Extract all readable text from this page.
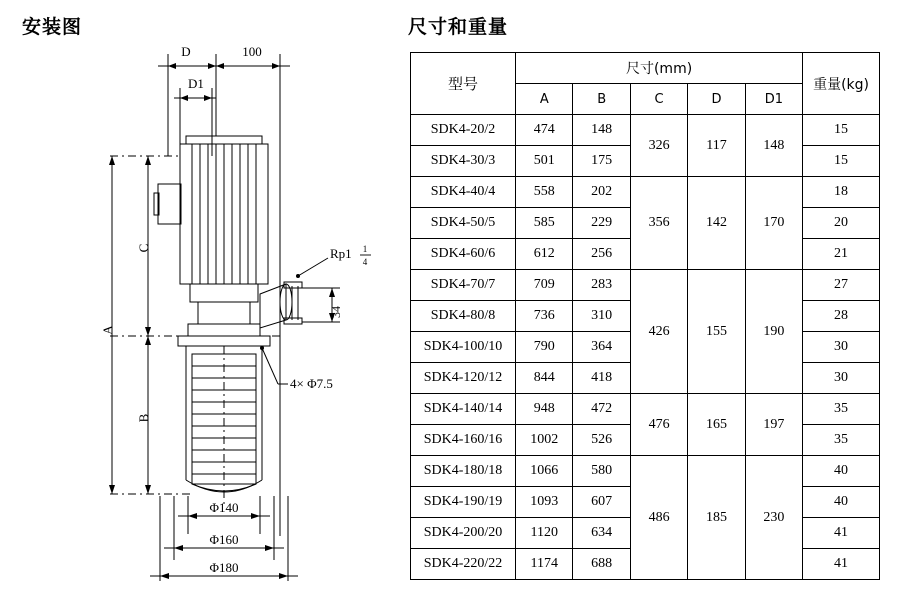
安装图
D	100
D1
A
B
C
34
Rp1 1
4
4× Φ7.5
Φ140
Φ160
Φ180
尺寸和重量
型号	尺寸(mm)					重量(kg)
	A	B	C	D	D1	
SDK4-20/2	474	148	326	117	148	15
SDK4-30/3	501	175				15
SDK4-40/4	558	202	356	142	170	18
SDK4-50/5	585	229				20
SDK4-60/6	612	256				21
SDK4-70/7	709	283	426	155	190	27
SDK4-80/8	736	310				28
SDK4-100/10	790	364				30
SDK4-120/12	844	418				30
SDK4-140/14	948	472	476	165	197	35
SDK4-160/16	1002	526				35
SDK4-180/18	1066	580	486	185	230	40
SDK4-190/19	1093	607				40
SDK4-200/20	1120	634				41
SDK4-220/22	1174	688				41
